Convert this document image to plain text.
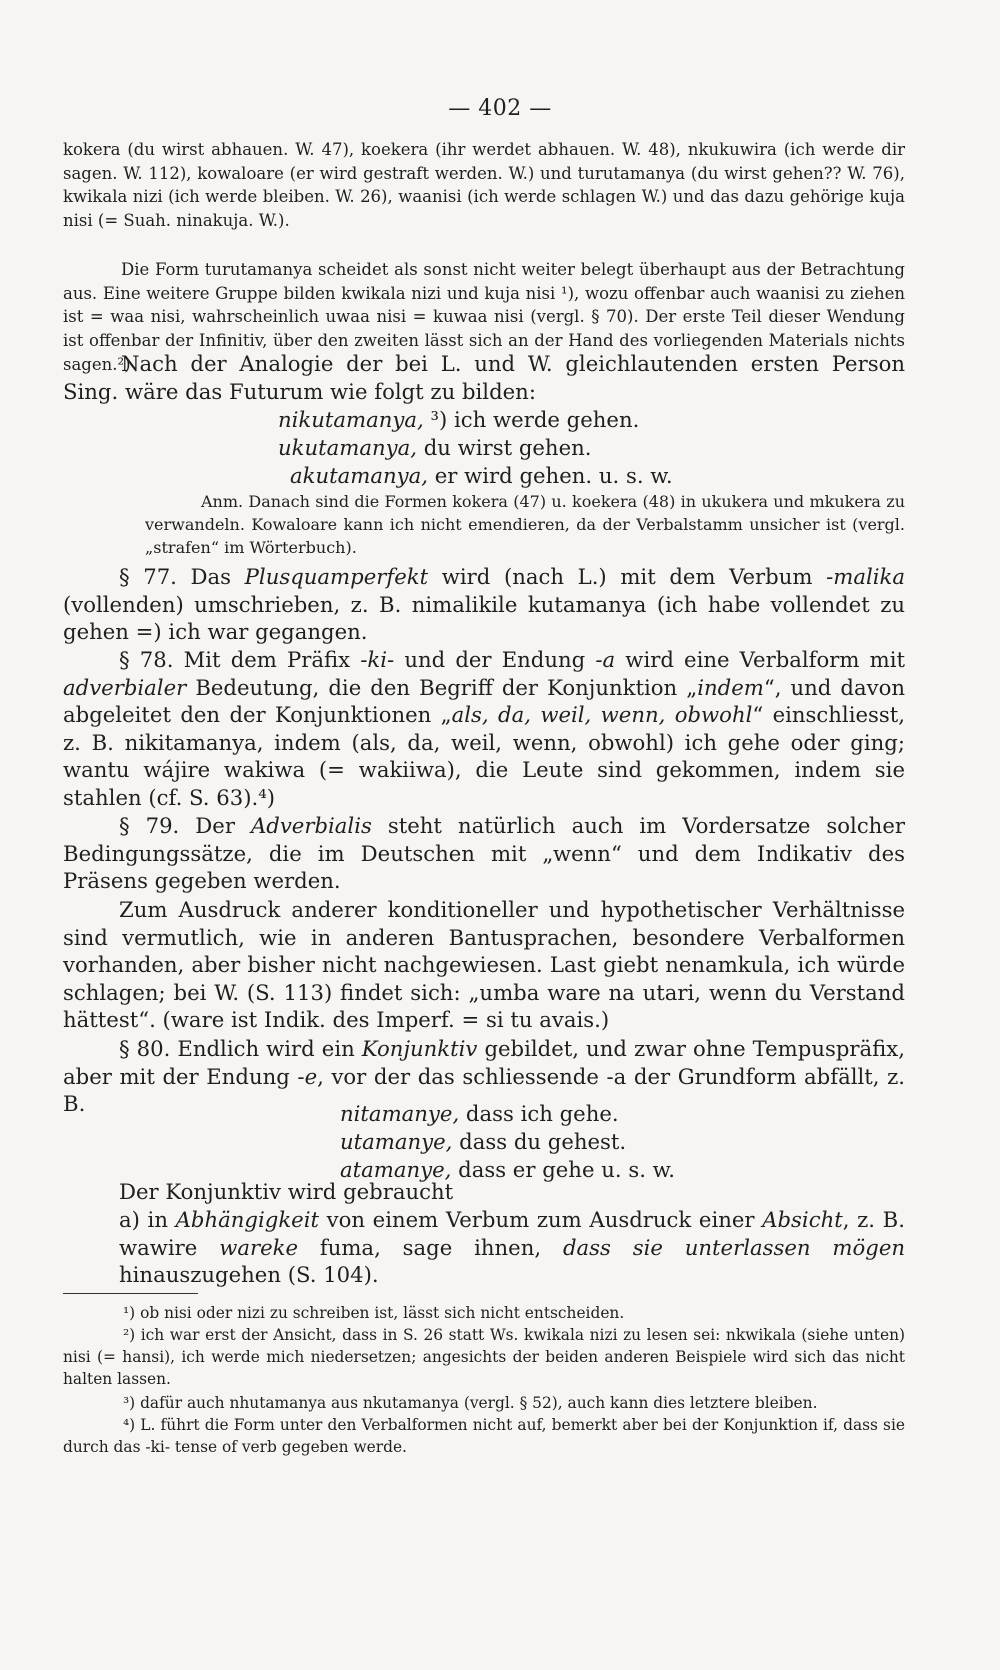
— 402 —
kokera (du wirst abhauen. W. 47), koekera (ihr werdet abhauen. W. 48), nkukuwira (ich werde dir sagen. W. 112), kowaloare (er wird gestraft werden. W.) und turutamanya (du wirst gehen?? W. 76), kwikala nizi (ich werde bleiben. W. 26), waanisi (ich werde schlagen W.) und das dazu gehörige kuja nisi (= Suah. ninakuja. W.).
Die Form turutamanya scheidet als sonst nicht weiter belegt überhaupt aus der Betrachtung aus. Eine weitere Gruppe bilden kwikala nizi und kuja nisi ¹), wozu offenbar auch waanisi zu ziehen ist = waa nisi, wahrscheinlich uwaa nisi = kuwaa nisi (vergl. § 70). Der erste Teil dieser Wendung ist offenbar der Infinitiv, über den zweiten lässt sich an der Hand des vorliegenden Materials nichts sagen.²)
Nach der Analogie der bei L. und W. gleichlautenden ersten Person Sing. wäre das Futurum wie folgt zu bilden:
nikutamanya, ³) ich werde gehen.
ukutamanya, du wirst gehen.
akutamanya, er wird gehen. u. s. w.
Anm. Danach sind die Formen kokera (47) u. koekera (48) in ukukera und mkukera zu verwandeln. Kowaloare kann ich nicht emendieren, da der Verbalstamm unsicher ist (vergl. „strafen“ im Wörterbuch).
§ 77. Das Plusquamperfekt wird (nach L.) mit dem Verbum -malika (vollenden) umschrieben, z. B. nimalikile kutamanya (ich habe vollendet zu gehen =) ich war gegangen.
§ 78. Mit dem Präfix -ki- und der Endung -a wird eine Verbalform mit adverbialer Bedeutung, die den Begriff der Konjunktion „indem“, und davon abgeleitet den der Konjunktionen „als, da, weil, wenn, obwohl“ einschliesst, z. B. nikitamanya, indem (als, da, weil, wenn, obwohl) ich gehe oder ging; wantu wájire wakiwa (= wakiiwa), die Leute sind gekommen, indem sie stahlen (cf. S. 63).⁴)
§ 79. Der Adverbialis steht natürlich auch im Vordersatze solcher Bedingungssätze, die im Deutschen mit „wenn“ und dem Indikativ des Präsens gegeben werden.
Zum Ausdruck anderer konditioneller und hypothetischer Verhältnisse sind vermutlich, wie in anderen Bantusprachen, besondere Verbalformen vorhanden, aber bisher nicht nachgewiesen. Last giebt nenamkula, ich würde schlagen; bei W. (S. 113) findet sich: „umba ware na utari, wenn du Verstand hättest“. (ware ist Indik. des Imperf. = si tu avais.)
§ 80. Endlich wird ein Konjunktiv gebildet, und zwar ohne Tempuspräfix, aber mit der Endung -e, vor der das schliessende -a der Grundform abfällt, z. B.	nitamanye, dass ich gehe.
utamanye, dass du gehest.
atamanye, dass er gehe u. s. w.
Der Konjunktiv wird gebraucht
a) in Abhängigkeit von einem Verbum zum Ausdruck einer Absicht, z. B. wawire wareke fuma, sage ihnen, dass sie unterlassen mögen hinauszugehen (S. 104).
¹) ob nisi oder nizi zu schreiben ist, lässt sich nicht entscheiden.
²) ich war erst der Ansicht, dass in S. 26 statt Ws. kwikala nizi zu lesen sei: nkwikala (siehe unten) nisi (= hansi), ich werde mich niedersetzen; angesichts der beiden anderen Beispiele wird sich das nicht halten lassen.
³) dafür auch nhutamanya aus nkutamanya (vergl. § 52), auch kann dies letztere bleiben.
⁴) L. führt die Form unter den Verbalformen nicht auf, bemerkt aber bei der Konjunktion if, dass sie durch das -ki- tense of verb gegeben werde.
